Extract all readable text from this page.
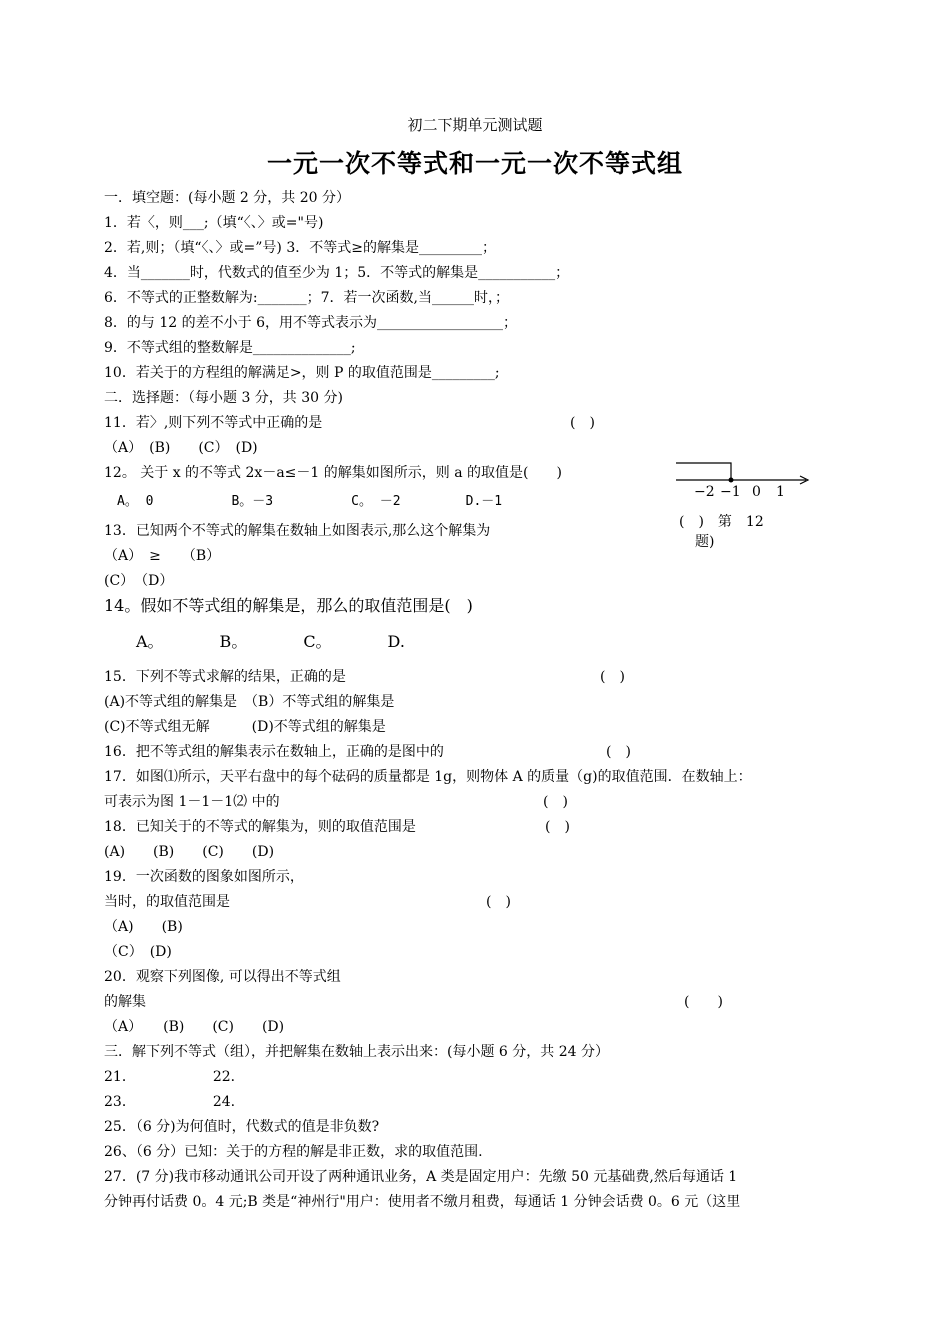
初二下期单元测试题
一元一次不等式和一元一次不等式组
一．填空题：(每小题 2 分，共 20 分）
1．若〈，则___;（填“〈、〉或="号)
2．若,则；（填“〈、〉或=”号) 3．不等式≥的解集是_________；
4．当_______时，代数式的值至少为 1；5．不等式的解集是___________；
6．不等式的正整数解为:_______；7．若一次函数,当______时，；
8．的与 12 的差不小于 6，用不等式表示为__________________；
9．不等式组的整数解是______________;
10．若关于的方程组的解满足>，则 P 的取值范围是_________;
二．选择题：（每小题 3 分，共 30 分)
11．若〉,则下列不等式中正确的是	(　)
（A）　(B)　　(C）　(D)
12。 关于 x 的不等式 2x－a≤－1 的解集如图所示，则 a 的取值是(　　)
　A。 0　　　　　　B。－3　　　　　　C。 －2　　　　　D.－1
−2 −1 0 1
(　)　第　12
题)
13．已知两个不等式的解集在数轴上如图表示,那么这个解集为
（A）　≥　　（B）
(C）　（D）
14。假如不等式组的解集是，那么的取值范围是(　)
　　A。　　　　B。　　　　C。　　　　D.
15．下列不等式求解的结果，正确的是	(　)
(A)不等式组的解集是　（B）不等式组的解集是
(C)不等式组无解　　　(D)不等式组的解集是
16．把不等式组的解集表示在数轴上，正确的是图中的	(　)
17．如图⑴所示，天平右盘中的每个砝码的质量都是 1g，则物体 A 的质量（g)的取值范围．在数轴上：
可表示为图 1－1－1⑵ 中的	(　)
18．已知关于的不等式的解集为，则的取值范围是	(　)
(A)　　(B)　　(C)　　(D)
19．一次函数的图象如图所示，
当时，的取值范围是	(　)
（A)　　(B)
（C）　(D)
20．观察下列图像, 可以得出不等式组
的解集	(　　)
（A）　　(B)　　(C)　　(D)
三．解下列不等式（组），并把解集在数轴上表示出来：(每小题 6 分，共 24 分）
21．　　　　　　22．
23．　　　　　　24.
25．（6 分)为何值时，代数式的值是非负数?
26、（6 分）已知：关于的方程的解是非正数，求的取值范围.
27．(7 分)我市移动通讯公司开设了两种通讯业务，A 类是固定用户：先缴 50 元基础费,然后每通话 1
分钟再付话费 0。4 元;B 类是“神州行"用户：使用者不缴月租费，每通话 1 分钟会话费 0。6 元（这里
